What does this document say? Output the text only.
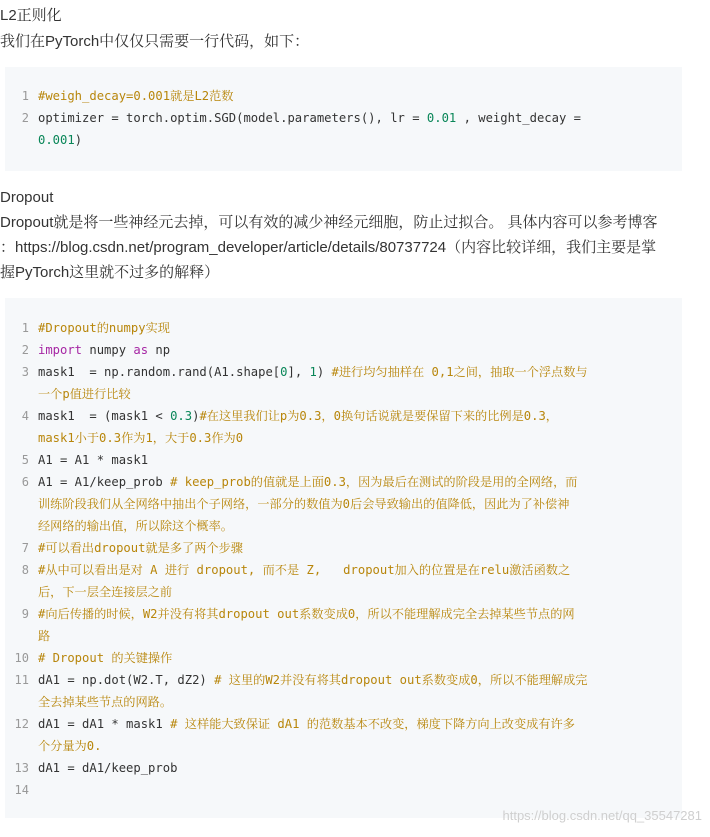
L2正则化

我们在PyTorch中仅仅只需要一行代码，如下：

1 #weigh_decay=0.001就是L2范数
2 optimizer = torch.optim.SGD(model.parameters(), lr = 0.01 , weight_decay =
0.001)

Dropout

Dropout就是将一些神经元去掉，可以有效的减少神经元细胞，防止过拟合。 具体内容可以参考博客

：https://blog.csdn.net/program_developer/article/details/80737724（内容比较详细，我们主要是掌

握PyTorch这里就不过多的解释）

1 #Dropout的numpy实现
2 import numpy as np
3 mask1  = np.random.rand(A1.shape[0], 1) #进行均匀抽样在 0,1之间，抽取一个浮点数与
一个p值进行比较
4 mask1  = (mask1 < 0.3)#在这里我们让p为0.3，0换句话说就是要保留下来的比例是0.3，
mask1小于0.3作为1，大于0.3作为0
5 A1 = A1 * mask1
6 A1 = A1/keep_prob # keep_prob的值就是上面0.3，因为最后在测试的阶段是用的全网络，而
训练阶段我们从全网络中抽出个子网络，一部分的数值为0后会导致输出的值降低，因此为了补偿神
经网络的输出值，所以除这个概率。
7 #可以看出dropout就是多了两个步骤
8 #从中可以看出是对 A 进行 dropout, 而不是 Z,   dropout加入的位置是在relu激活函数之
后，下一层全连接层之前
9 #向后传播的时候，W2并没有将其dropout out系数变成0，所以不能理解成完全去掉某些节点的网
路
10 # Dropout 的关键操作
11 dA1 = np.dot(W2.T, dZ2) # 这里的W2并没有将其dropout out系数变成0，所以不能理解成完
全去掉某些节点的网路。
12 dA1 = dA1 * mask1 # 这样能大致保证 dA1 的范数基本不改变，梯度下降方向上改变成有许多
个分量为0.
13 dA1 = dA1/keep_prob
14
https://blog.csdn.net/qq_35547281
